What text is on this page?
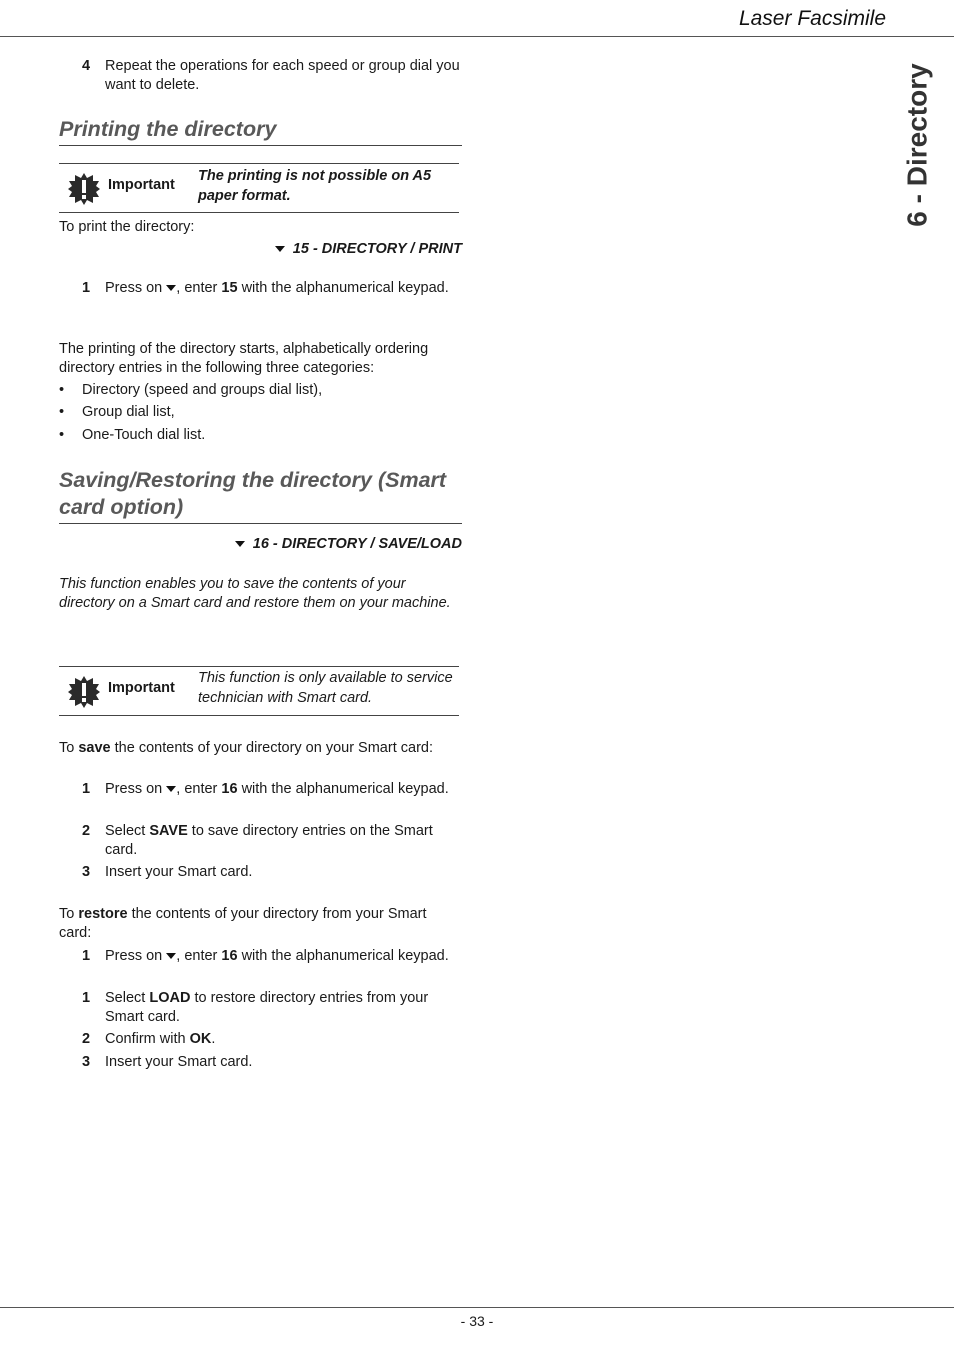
Laser Facsimile
6 - Directory
4 Repeat the operations for each speed or group dial you want to delete.
Printing the directory
Important
The printing is not possible on A5 paper format.
To print the directory:
15 - DIRECTORY / PRINT
1 Press on , enter 15 with the alphanumerical keypad.
The printing of the directory starts, alphabetically ordering directory entries in the following three categories:
• Directory (speed and groups dial list),
• Group dial list,
• One-Touch dial list.
Saving/Restoring the directory (Smart card option)
16 - DIRECTORY / SAVE/LOAD
This function enables you to save the contents of your directory on a Smart card and restore them on your machine.
Important
This function is only available to service technician with Smart card.
To save the contents of your directory on your Smart card:
1 Press on , enter 16 with the alphanumerical keypad.
2 Select SAVE to save directory entries on the Smart card.
3 Insert your Smart card.
To restore the contents of your directory from your Smart card:
1 Press on , enter 16 with the alphanumerical keypad.
1 Select LOAD to restore directory entries from your Smart card.
2 Confirm with OK.
3 Insert your Smart card.
- 33 -
